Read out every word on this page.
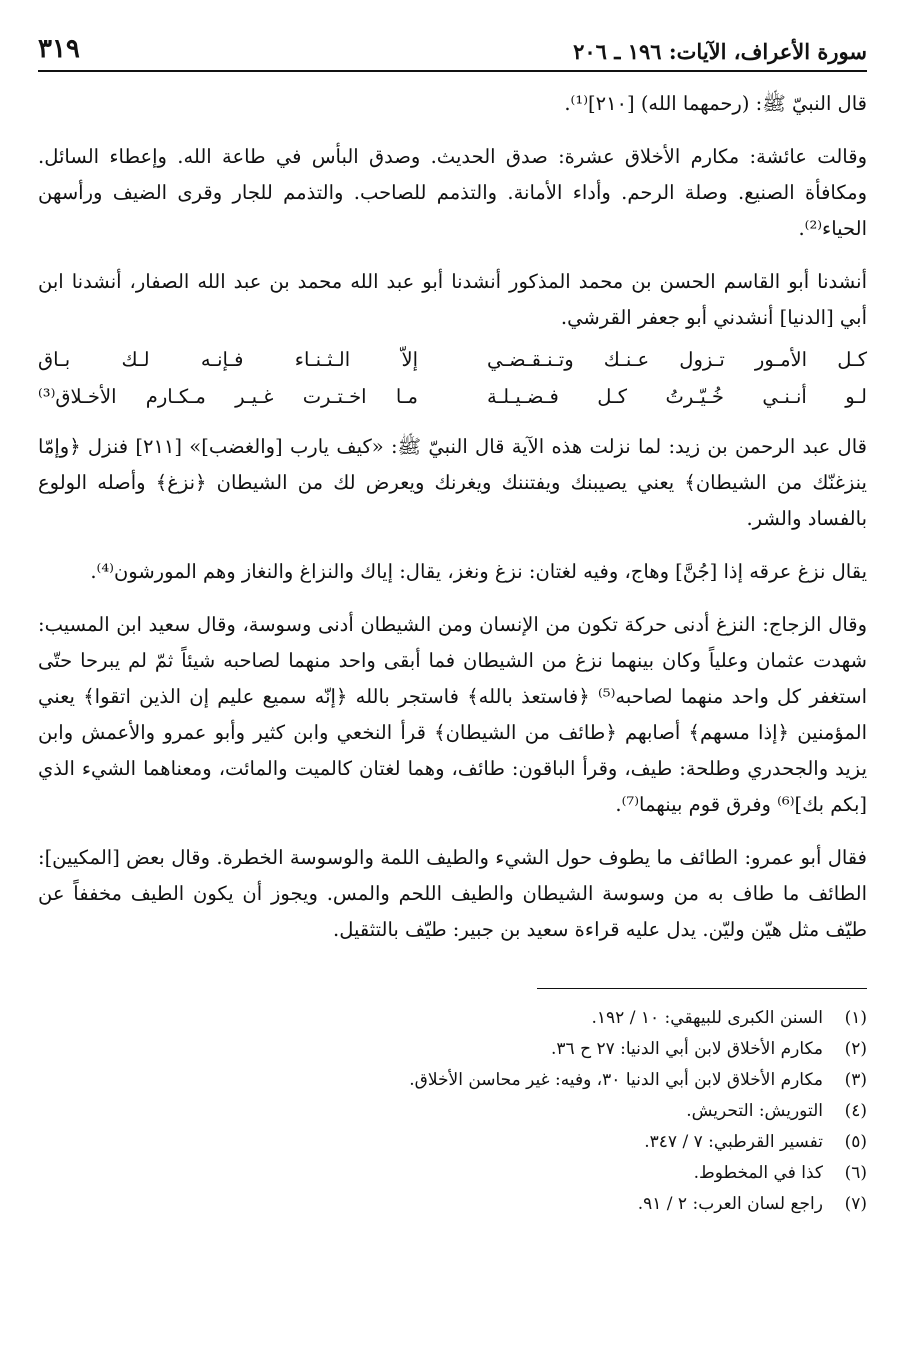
سورة الأعراف، الآيات: ١٩٦ ـ ٢٠٦
٣١٩

قال النبيّ ﷺ: (رحمهما الله) [٢١٠]⁽¹⁾.

وقالت عائشة: مكارم الأخلاق عشرة: صدق الحديث. وصدق البأس في طاعة الله. وإعطاء السائل. ومكافأة الصنيع. وصلة الرحم. وأداء الأمانة. والتذمم للصاحب. والتذمم للجار وقرى الضيف ورأسهن الحياء⁽²⁾.

أنشدنا أبو القاسم الحسن بن محمد المذكور أنشدنا أبو عبد الله محمد بن عبد الله الصفار، أنشدنا ابن أبي [الدنيا] أنشدني أبو جعفر القرشي.

كـل الأمـور تـزول عـنـك وتـنـقـضـي
إلاّ الـثـنـاء فـإنـه لـك بـاق
لـو أنـنـي خُـيّـرتُ كـل فـضـيـلـة
مـا اخـتـرت غـيـر مـكـارم الأخـلاق⁽³⁾

قال عبد الرحمن بن زيد: لما نزلت هذه الآية قال النبيّ ﷺ: «كيف يارب [والغضب]» [٢١١] فنزل ﴿وإمّا ينزغنّك من الشيطان﴾ يعني يصيبنك ويفتننك ويغرنك ويعرض لك من الشيطان ﴿نزغ﴾ وأصله الولوع بالفساد والشر.

يقال نزغ عرقه إذا [جُنَّ] وهاج، وفيه لغتان: نزغ ونغز، يقال: إياك والنزاغ والنغاز وهم المورشون⁽⁴⁾.

وقال الزجاج: النزغ أدنى حركة تكون من الإنسان ومن الشيطان أدنى وسوسة، وقال سعيد ابن المسيب: شهدت عثمان وعلياً وكان بينهما نزغ من الشيطان فما أبقى واحد منهما لصاحبه شيئاً ثمّ لم يبرحا حتّى استغفر كل واحد منهما لصاحبه⁽⁵⁾ ﴿فاستعذ بالله﴾ فاستجر بالله ﴿إنّه سميع عليم إن الذين اتقوا﴾ يعني المؤمنين ﴿إذا مسهم﴾ أصابهم ﴿طائف من الشيطان﴾ قرأ النخعي وابن كثير وأبو عمرو والأعمش وابن يزيد والجحدري وطلحة: طيف، وقرأ الباقون: طائف، وهما لغتان كالميت والمائت، ومعناهما الشيء الذي [بكم بك]⁽⁶⁾ وفرق قوم بينهما⁽⁷⁾.

فقال أبو عمرو: الطائف ما يطوف حول الشيء والطيف اللمة والوسوسة الخطرة. وقال بعض [المكيين]: الطائف ما طاف به من وسوسة الشيطان والطيف اللحم والمس. ويجوز أن يكون الطيف مخففاً عن طيّف مثل هيّن وليّن. يدل عليه قراءة سعيد بن جبير: طيّف بالتثقيل.

(١)
السنن الكبرى للبيهقي: ١٠ / ١٩٢.
(٢)
مكارم الأخلاق لابن أبي الدنيا: ٢٧ ح ٣٦.
(٣)
مكارم الأخلاق لابن أبي الدنيا ٣٠، وفيه: غير محاسن الأخلاق.
(٤)
التوريش: التحريش.
(٥)
تفسير القرطبي: ٧ / ٣٤٧.
(٦)
كذا في المخطوط.
(٧)
راجع لسان العرب: ٢ / ٩١.
